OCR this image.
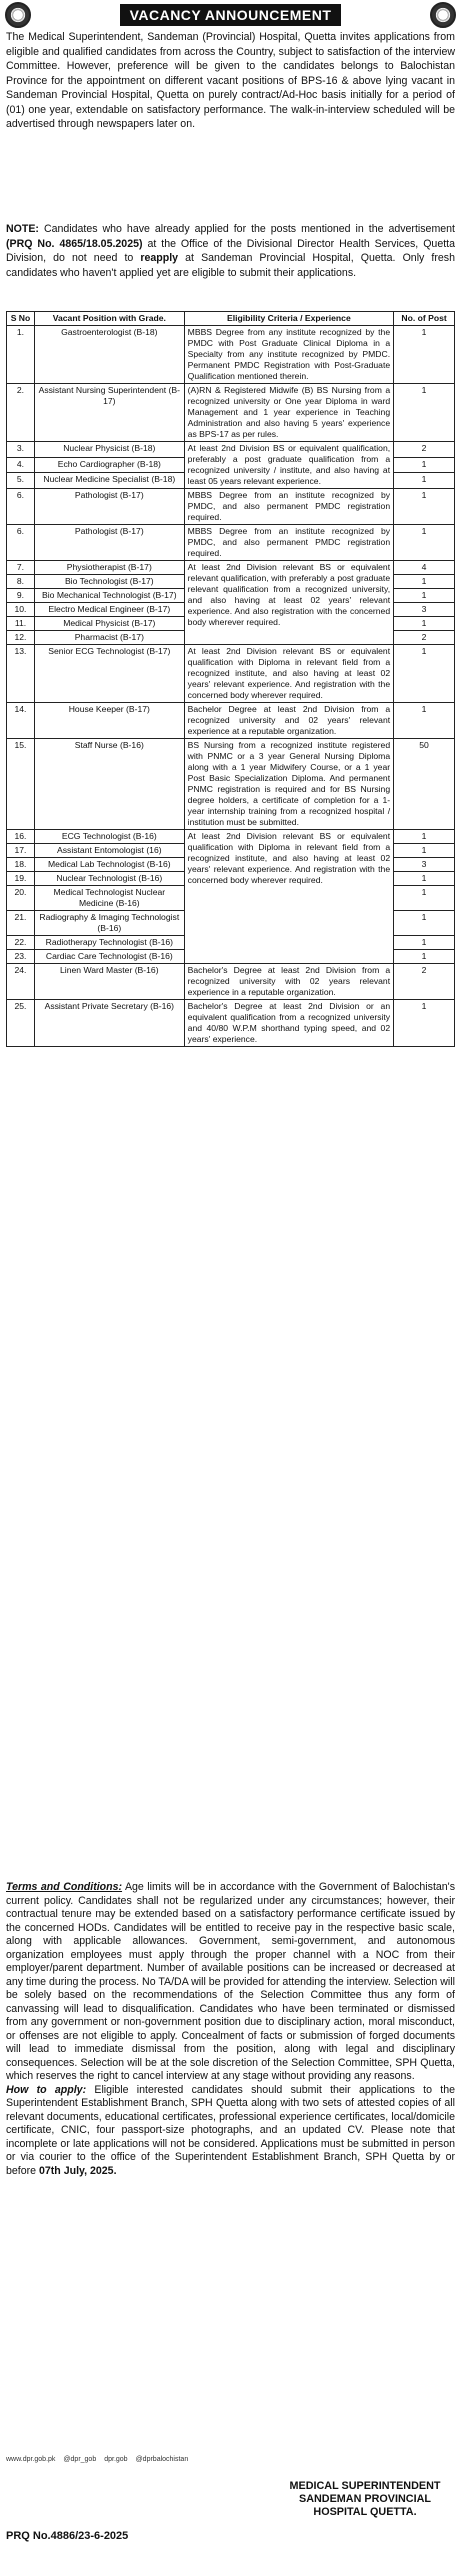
VACANCY ANNOUNCEMENT

The Medical Superintendent, Sandeman (Provincial) Hospital, Quetta invites applications from eligible and qualified candidates from across the Country, subject to satisfaction of the interview Committee. However, preference will be given to the candidates belongs to Balochistan Province for the appointment on different vacant positions of BPS-16 & above lying vacant in Sandeman Provincial Hospital, Quetta on purely contract/Ad-Hoc basis initially for a period of (01) one year, extendable on satisfactory performance. The walk-in-interview scheduled will be advertised through newspapers later on.

NOTE: Candidates who have already applied for the posts mentioned in the advertisement (PRQ No. 4865/18.05.2025) at the Office of the Divisional Director Health Services, Quetta Division, do not need to reapply at Sandeman Provincial Hospital, Quetta. Only fresh candidates who haven't applied yet are eligible to submit their applications.

S No	Vacant Position with Grade.	Eligibility Criteria / Experience	No. of Post
1.	Gastroenterologist (B-18)	MBBS Degree from any institute recognized by the PMDC with Post Graduate Clinical Diploma in a Specialty from any institute recognized by PMDC. Permanent PMDC Registration with Post-Graduate Qualification mentioned therein.	1
2.	Assistant Nursing Superintendent (B-17)	(A)RN & Registered Midwife (B) BS Nursing from a recognized university or One year Diploma in ward Management and 1 year experience in Teaching Administration and also having 5 years' experience as BPS-17 as per rules.	1
3.	Nuclear Physicist (B-18)	At least 2nd Division BS or equivalent qualification, preferably a post graduate qualification from a recognized university / institute, and also having at least 05 years relevant experience.	2
4.	Echo Cardiographer (B-18)		1
5.	Nuclear Medicine Specialist (B-18)		1
6.	Pathologist (B-17)	MBBS Degree from an institute recognized by PMDC, and also permanent PMDC registration required.	1
6.	Pathologist (B-17)	MBBS Degree from an institute recognized by PMDC, and also permanent PMDC registration required.	1
7.	Physiotherapist (B-17)	At least 2nd Division relevant BS or equivalent relevant qualification, with preferably a post graduate relevant qualification from a recognized university, and also having at least 02 years' relevant experience. And also registration with the concerned body wherever required.	4
8.	Bio Technologist (B-17)		1
9.	Bio Mechanical Technologist (B-17)		1
10.	Electro Medical Engineer (B-17)		3
11.	Medical Physicist (B-17)		1
12.	Pharmacist (B-17)		2
13.	Senior ECG Technologist (B-17)	At least 2nd Division relevant BS or equivalent qualification with Diploma in relevant field from a recognized institute, and also having at least 02 years' relevant experience. And registration with the concerned body wherever required.	1
14.	House Keeper (B-17)	Bachelor Degree at least 2nd Division from a recognized university and 02 years' relevant experience at a reputable organization.	1
15.	Staff Nurse (B-16)	BS Nursing from a recognized institute registered with PNMC or a 3 year General Nursing Diploma along with a 1 year Midwifery Course, or a 1 year Post Basic Specialization Diploma. And permanent PNMC registration is required and for BS Nursing degree holders, a certificate of completion for a 1-year internship training from a recognized hospital / institution must be submitted.	50
16.	ECG Technologist (B-16)	At least 2nd Division relevant BS or equivalent qualification with Diploma in relevant field from a recognized institute, and also having at least 02 years' relevant experience. And registration with the concerned body wherever required.	1
17.	Assistant Entomologist (16)		1
18.	Medical Lab Technologist (B-16)		3
19.	Nuclear Technologist (B-16)		1
20.	Medical Technologist Nuclear Medicine (B-16)		1
21.	Radiography & Imaging Technologist (B-16)		1
22.	Radiotherapy Technologist (B-16)		1
23.	Cardiac Care Technologist (B-16)		1
24.	Linen Ward Master (B-16)	Bachelor's Degree at least 2nd Division from a recognized university with 02 years relevant experience in a reputable organization.	2
25.	Assistant Private Secretary (B-16)	Bachelor's Degree at least 2nd Division or an equivalent qualification from a recognized university and 40/80 W.P.M shorthand typing speed, and 02 years' experience.	1

Terms and Conditions: Age limits will be in accordance with the Government of Balochistan's current policy. Candidates shall not be regularized under any circumstances; however, their contractual tenure may be extended based on a satisfactory performance certificate issued by the concerned HODs. Candidates will be entitled to receive pay in the respective basic scale, along with applicable allowances. Government, semi-government, and autonomous organization employees must apply through the proper channel with a NOC from their employer/parent department. Number of available positions can be increased or decreased at any time during the process. No TA/DA will be provided for attending the interview. Selection will be solely based on the recommendations of the Selection Committee thus any form of canvassing will lead to disqualification. Candidates who have been terminated or dismissed from any government or non-government position due to disciplinary action, moral misconduct, or offenses are not eligible to apply. Concealment of facts or submission of forged documents will lead to immediate dismissal from the position, along with legal and disciplinary consequences. Selection will be at the sole discretion of the Selection Committee, SPH Quetta, which reserves the right to cancel interview at any stage without providing any reasons.
How to apply: Eligible interested candidates should submit their applications to the Superintendent Establishment Branch, SPH Quetta along with two sets of attested copies of all relevant documents, educational certificates, professional experience certificates, local/domicile certificate, CNIC, four passport-size photographs, and an updated CV. Please note that incomplete or late applications will not be considered. Applications must be submitted in person or via courier to the office of the Superintendent Establishment Branch, SPH Quetta by or before 07th July, 2025.

www.dpr.gob.pk @dpr_gob dpr.gob @dprbalochistan
MEDICAL SUPERINTENDENT
SANDEMAN PROVINCIAL
HOSPITAL QUETTA.
PRQ No.4886/23-6-2025
